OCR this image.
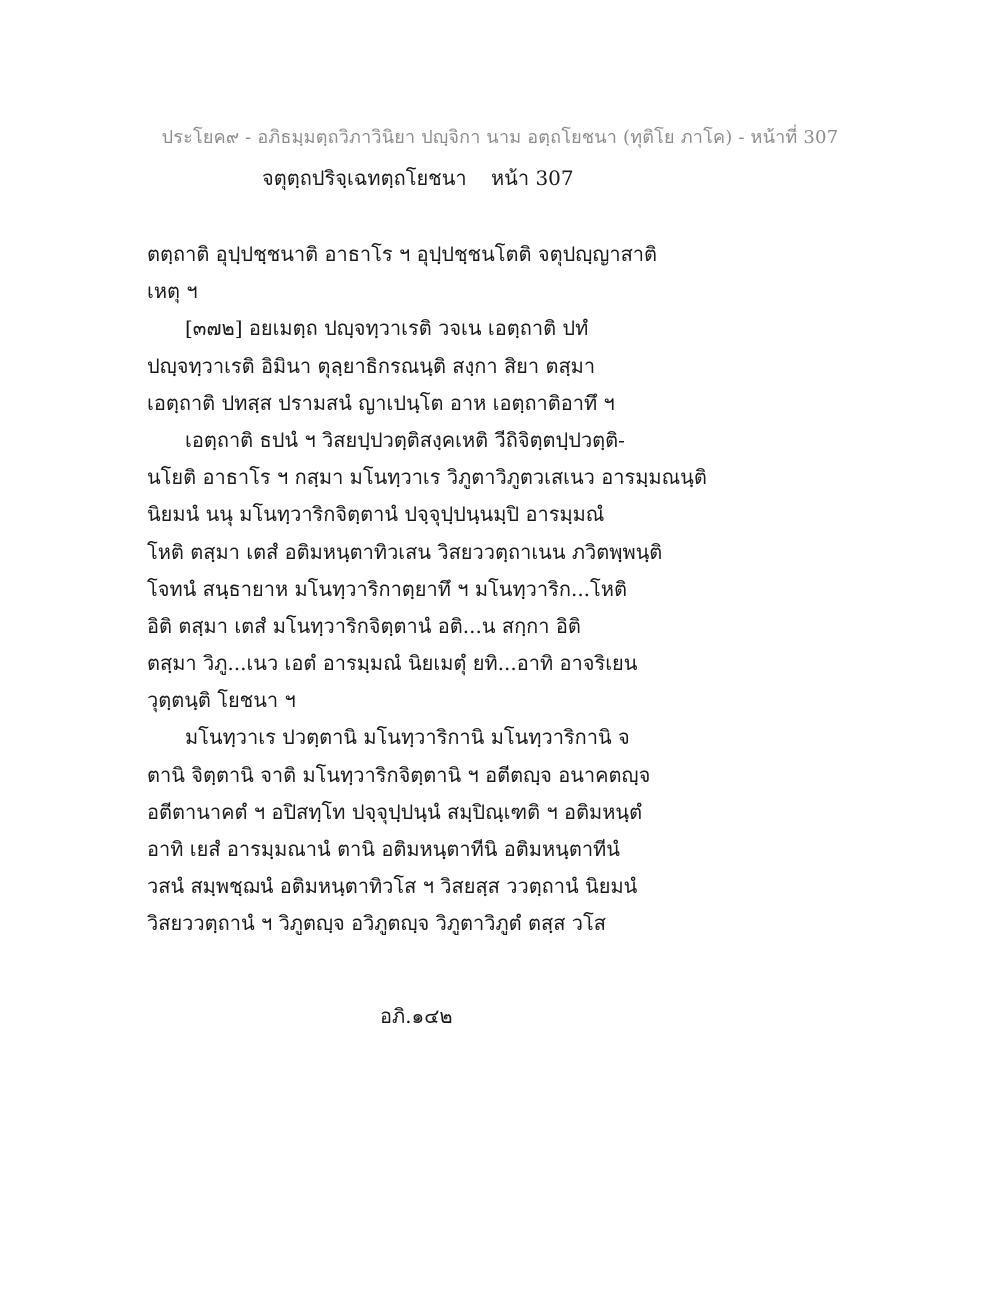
ประโยค๙ - อภิธมฺมตฺถวิภาวินิยา ปญฺจิกา นาม อตฺถโยชนา (ทุติโย ภาโค) - หน้าที่ 307
จตุตฺถปริจฺเฉทตฺถโยชนา หน้า 307
ตตฺถาติ อุปฺปชฺชนาติ อาธาโร ฯ อุปฺปชฺชนโตติ จตุปญฺญาสาติ
เหตุ ฯ
[๓๗๒] อยเมตฺถ ปญฺจทฺวาเรติ วจเน เอตฺถาติ ปทํ
ปญฺจทฺวาเรติ อิมินา ตุลฺยาธิกรณนฺติ สงฺกา สิยา ตสฺมา
เอตฺถาติ ปทสฺส ปรามสนํ ญาเปนฺโต อาห เอตฺถาติอาทึ ฯ
เอตฺถาติ ธปนํ ฯ วิสยปฺปวตฺติสงฺคเหติ วีถิจิตฺตปฺปวตฺติ-
นโยติ อาธาโร ฯ กสฺมา มโนทฺวาเร วิภูตาวิภูตวเสเนว อารมฺมณนฺติ
นิยมนํ นนุ มโนทฺวาริกจิตฺตานํ ปจฺจุปฺปนฺนมฺปิ อารมฺมณํ
โหติ ตสฺมา เตสํ อติมหนฺตาทิวเสน วิสยววตฺถาเนน ภวิตพฺพนฺติ
โจทนํ สนฺธายาห มโนทฺวาริกาตฺยาทึ ฯ มโนทฺวาริก...โหติ
อิติ ตสฺมา เตสํ มโนทฺวาริกจิตฺตานํ อติ...น สกฺกา อิติ
ตสฺมา วิภู...เนว เอตํ อารมฺมณํ นิยเมตุํ ยทิ...อาทิ อาจริเยน
วุตฺตนฺติ โยชนา ฯ
มโนทฺวาเร ปวตฺตานิ มโนทฺวาริกานิ มโนทฺวาริกานิ จ
ตานิ จิตฺตานิ จาติ มโนทฺวาริกจิตฺตานิ ฯ อตีตญฺจ อนาคตญฺจ
อตีตานาคตํ ฯ อปิสทฺโท ปจฺจุปฺปนฺนํ สมฺปิณฺเฑติ ฯ อติมหนฺตํ
อาทิ เยสํ อารมฺมณานํ ตานิ อติมหนฺตาทีนิ อติมหนฺตาทีนํ
วสนํ สมฺพชฺฌนํ อติมหนฺตาทิวโส ฯ วิสยสฺส ววตฺถานํ นิยมนํ
วิสยววตฺถานํ ฯ วิภูตญฺจ อวิภูตญฺจ วิภูตาวิภูตํ ตสฺส วโส
อภิ.๑๔๒
